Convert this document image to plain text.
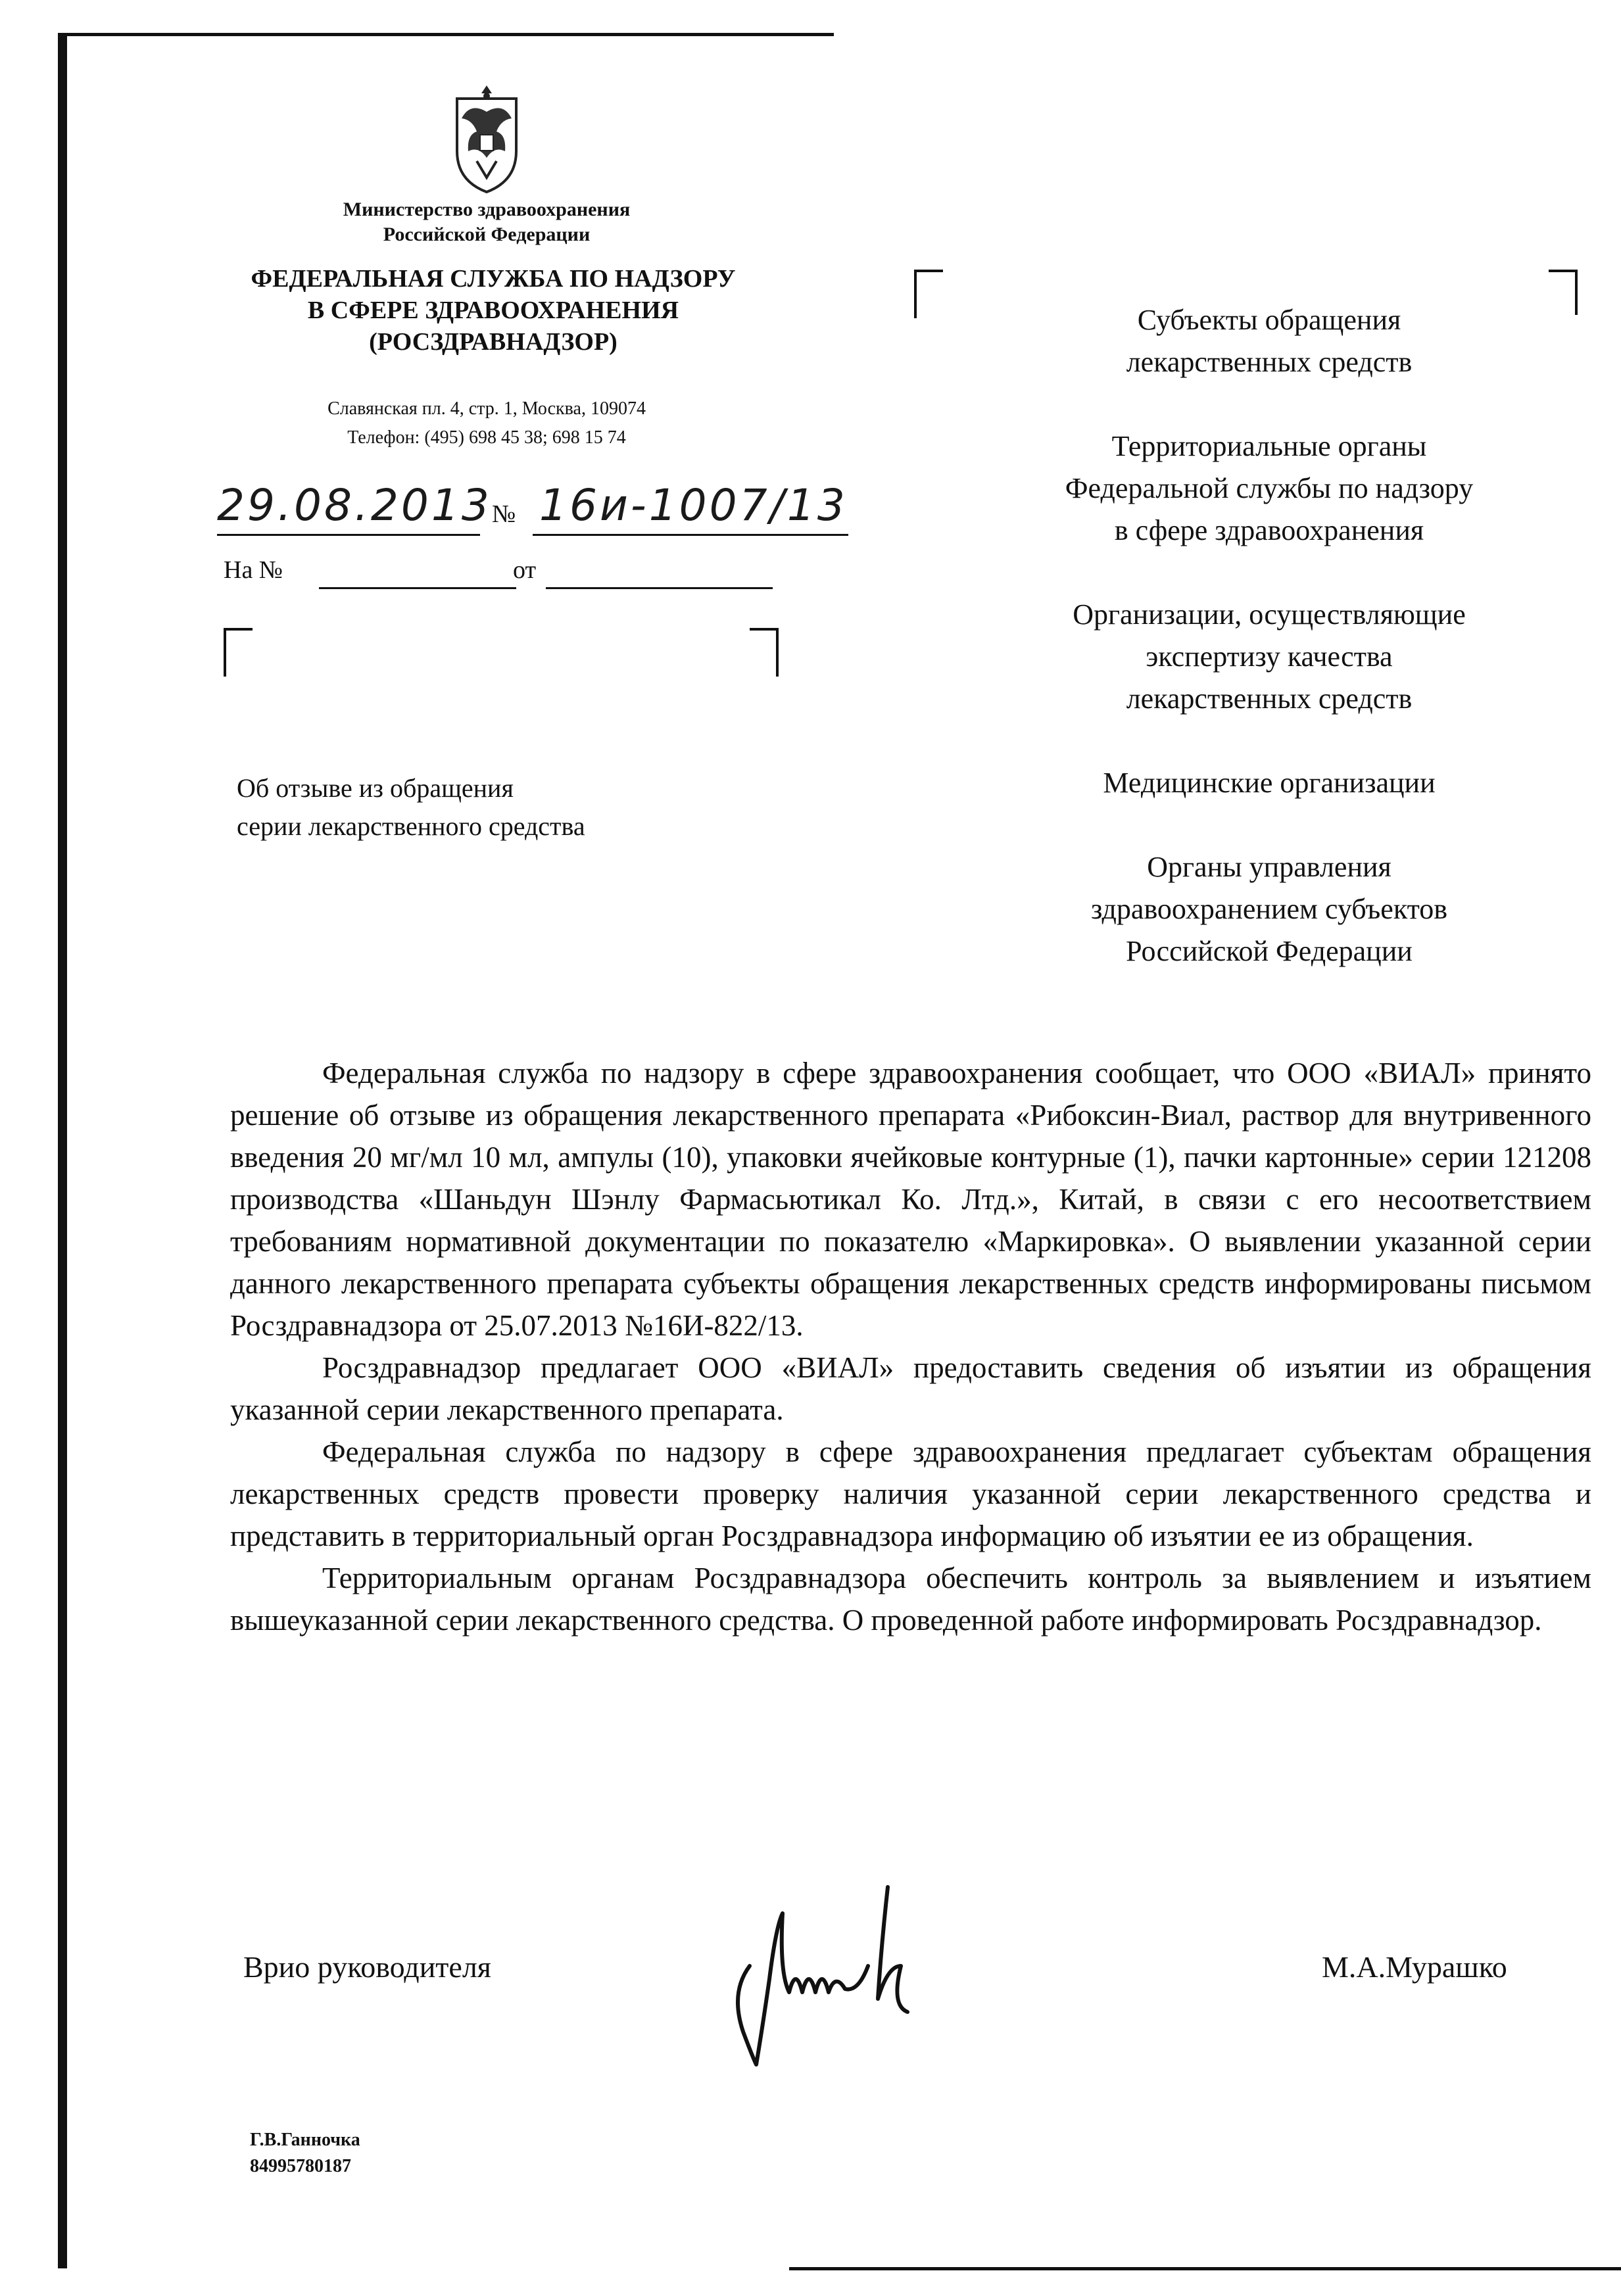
Министерство здравоохранения
Российской Федерации
ФЕДЕРАЛЬНАЯ СЛУЖБА ПО НАДЗОРУ
В СФЕРЕ ЗДРАВООХРАНЕНИЯ
(РОСЗДРАВНАДЗОР)
Славянская пл. 4, стр. 1, Москва, 109074
Телефон: (495) 698 45 38; 698 15 74
29.08.2013 № 16и-1007/13
На №	от
Об отзыве из обращения
серии лекарственного средства
Субъекты обращения
лекарственных средств
Территориальные органы
Федеральной службы по надзору
в сфере здравоохранения
Организации, осуществляющие
экспертизу качества
лекарственных средств
Медицинские организации
Органы управления
здравоохранением субъектов
Российской Федерации

Федеральная служба по надзору в сфере здравоохранения сообщает, что ООО «ВИАЛ» принято решение об отзыве из обращения лекарственного препарата «Рибоксин-Виал, раствор для внутривенного введения 20 мг/мл 10 мл, ампулы (10), упаковки ячейковые контурные (1), пачки картонные» серии 121208 производства «Шаньдун Шэнлу Фармасьютикал Ко. Лтд.», Китай, в связи с его несоответствием требованиям нормативной документации по показателю «Маркировка». О выявлении указанной серии данного лекарственного препарата субъекты обращения лекарственных средств информированы письмом Росздравнадзора от 25.07.2013 №16И-822/13.

Росздравнадзор предлагает ООО «ВИАЛ» предоставить сведения об изъятии из обращения указанной серии лекарственного препарата.

Федеральная служба по надзору в сфере здравоохранения предлагает субъектам обращения лекарственных средств провести проверку наличия указанной серии лекарственного средства и представить в территориальный орган Росздравнадзора информацию об изъятии ее из обращения.

Территориальным органам Росздравнадзора обеспечить контроль за выявлением и изъятием вышеуказанной серии лекарственного средства. О проведенной работе информировать Росздравнадзор.

Врио руководителя	М.А.Мурашко
Г.В.Ганночка
84995780187
